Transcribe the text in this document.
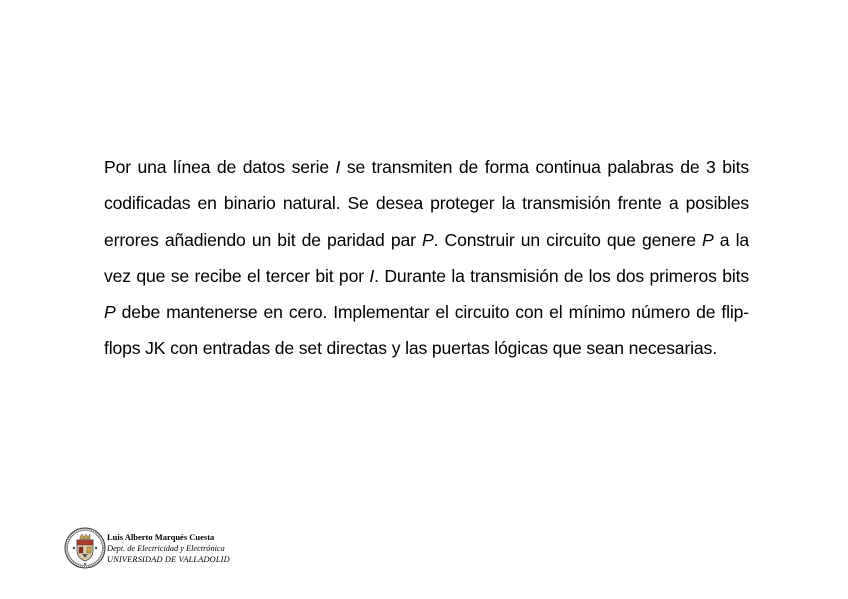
Por una línea de datos serie I se transmiten de forma continua palabras de 3 bits codificadas en binario natural. Se desea proteger la transmisión frente a posibles errores añadiendo un bit de paridad par P. Construir un circuito que genere P a la vez que se recibe el tercer bit por I. Durante la transmisión de los dos primeros bits P debe mantenerse en cero. Implementar el circuito con el mínimo número de flip-flops JK con entradas de set directas y las puertas lógicas que sean necesarias.

Luis Alberto Marqués Cuesta
Dept. de Electricidad y Electrónica
UNIVERSIDAD DE VALLADOLID
